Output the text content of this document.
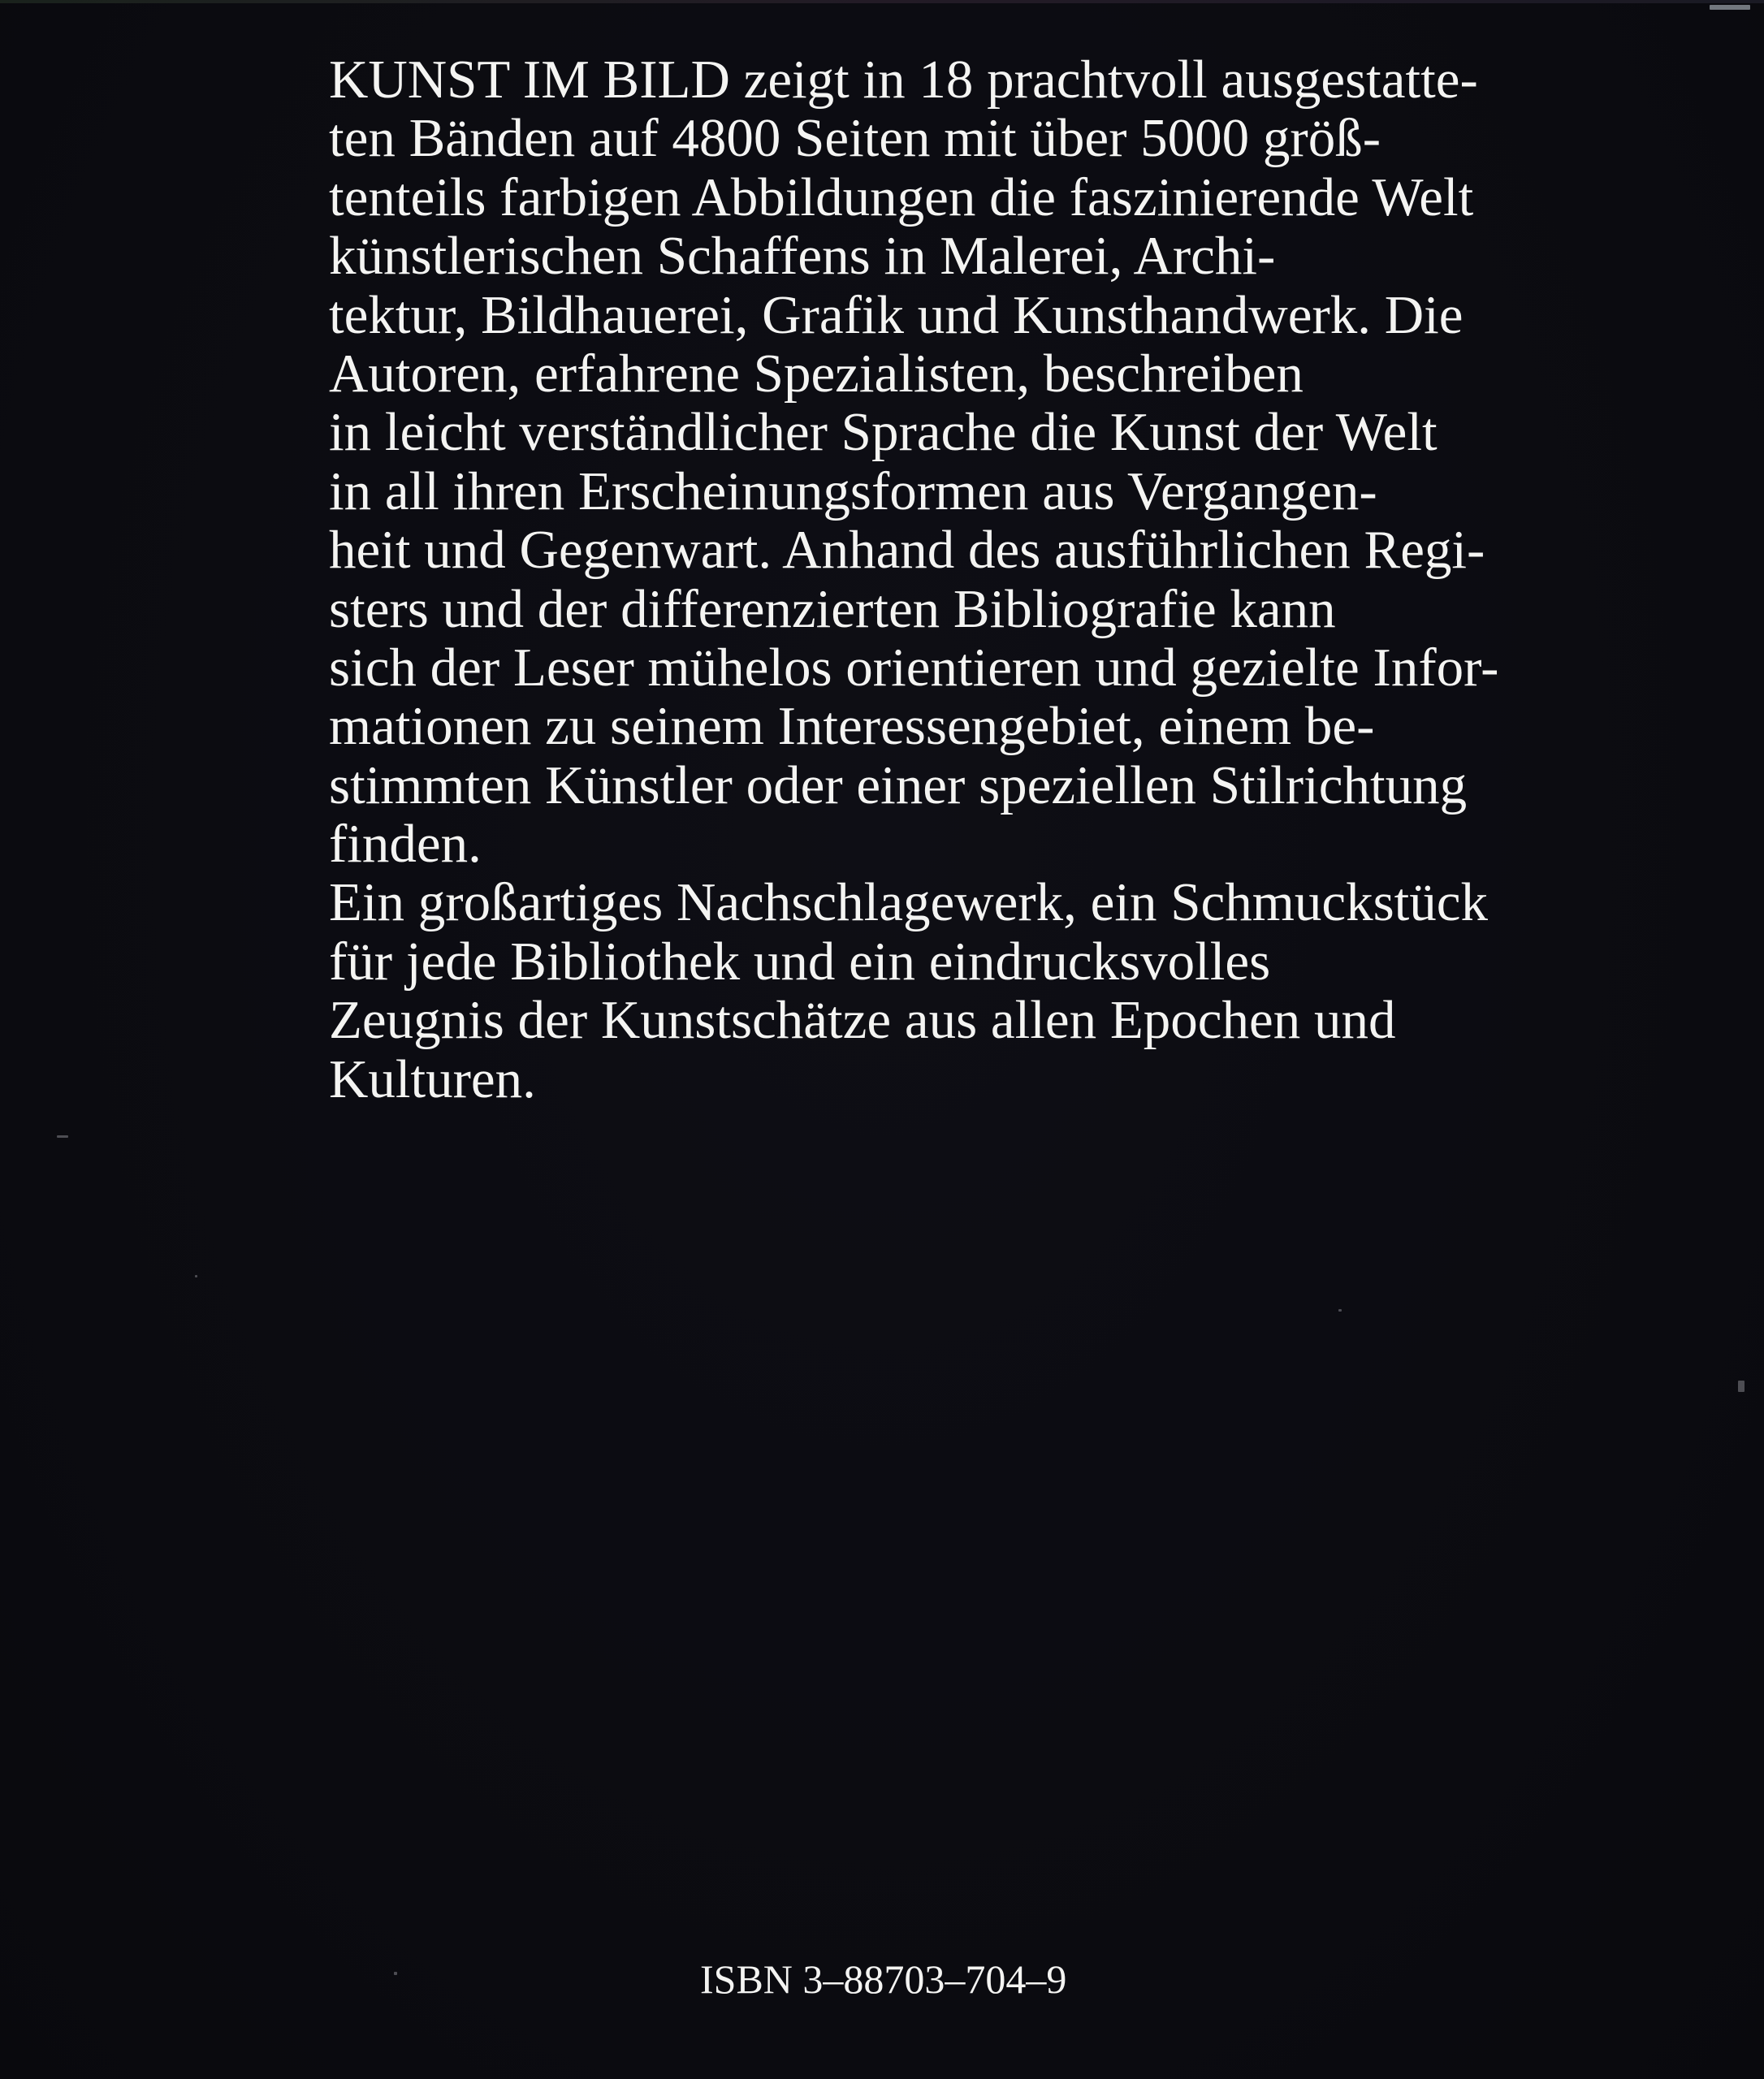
KUNST IM BILD zeigt in 18 prachtvoll ausgestatte-
ten Bänden auf 4800 Seiten mit über 5000 größ-
tenteils farbigen Abbildungen die faszinierende Welt
künstlerischen Schaffens in Malerei, Archi-
tektur, Bildhauerei, Grafik und Kunsthandwerk. Die
Autoren, erfahrene Spezialisten, beschreiben
in leicht verständlicher Sprache die Kunst der Welt
in all ihren Erscheinungsformen aus Vergangen-
heit und Gegenwart. Anhand des ausführlichen Regi-
sters und der differenzierten Bibliografie kann
sich der Leser mühelos orientieren und gezielte Infor-
mationen zu seinem Interessengebiet, einem be-
stimmten Künstler oder einer speziellen Stilrichtung
finden.
Ein großartiges Nachschlagewerk, ein Schmuckstück
für jede Bibliothek und ein eindrucksvolles
Zeugnis der Kunstschätze aus allen Epochen und
Kulturen.
ISBN 3–88703–704–9
